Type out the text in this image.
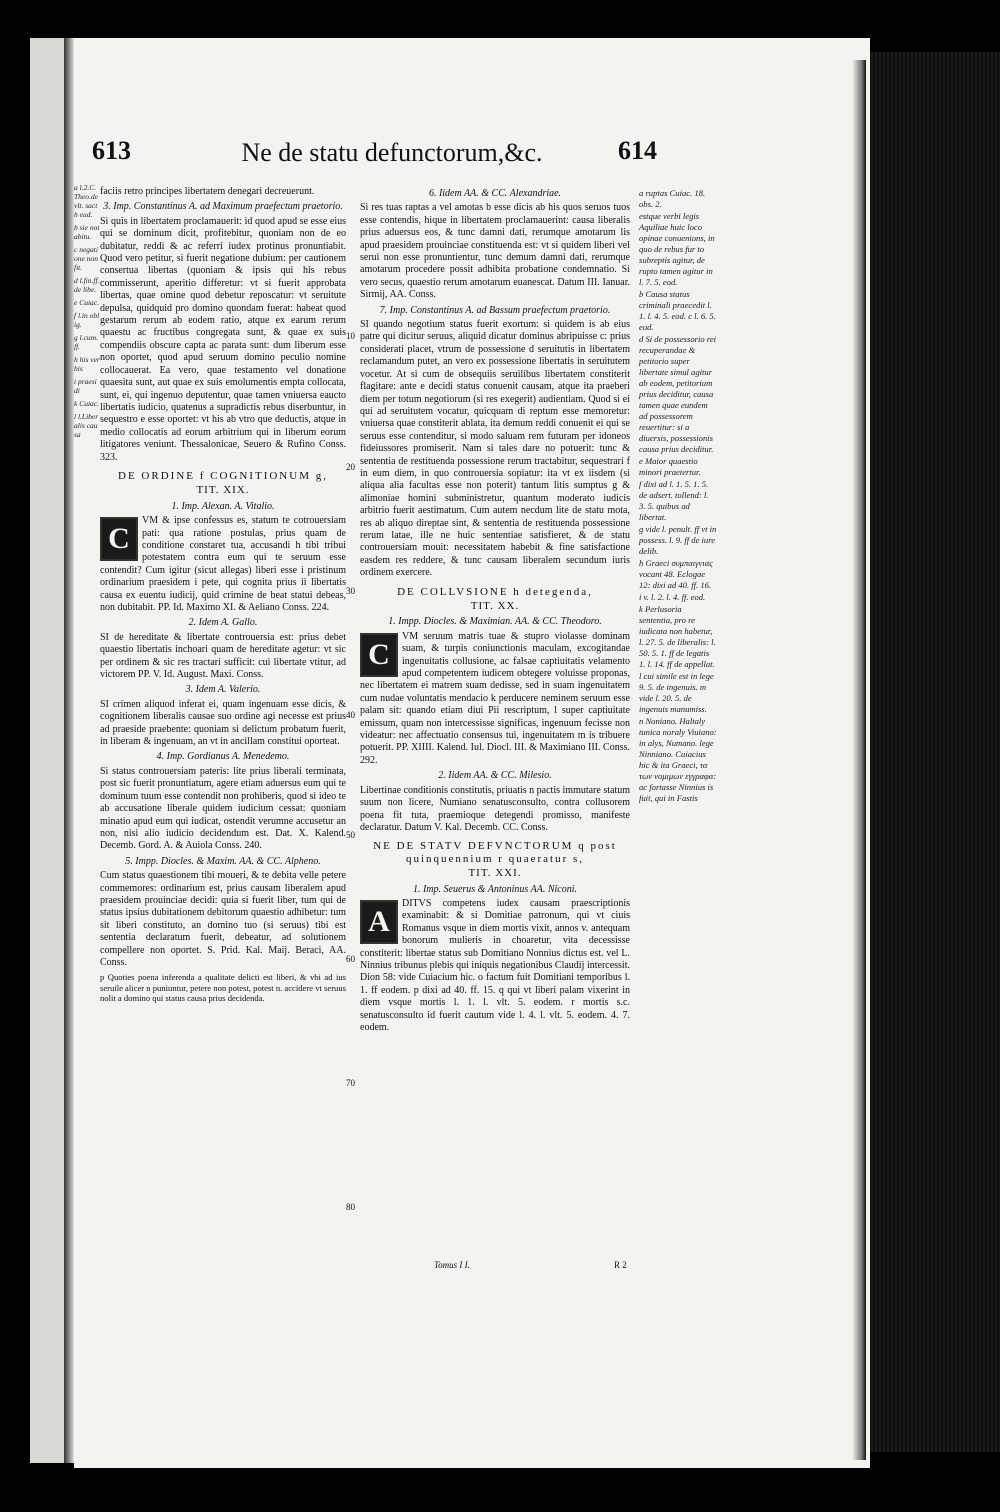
613	Ne de statu defunctorum,&c.	614

a l.2.C.Theo.de vlt. sacth eud.

b sie notabitu.

c negatione non fit.

d l.fin.ff.de libe.

e Cuiac.

f l.in oblig.

g l.cum.ff.

h his verbis

i praesidi

k Cuiac.

l l.Liberalis causa

faciis retro principes libertatem denegari decreuerunt.

3. Imp. Constantinus A. ad Maximum praefectum praetorio.

Si quis in libertatem proclamauerit: id quod apud se esse eius qui se dominum dicit, profitebitur, quoniam non de eo dubitatur, reddi & ac referri iudex protinus pronuntiabit. Quod vero petitur, si fuerit negatione dubium: per cautionem consertua libertas (quoniam & ipsis qui his rebus commisserunt, aperitio differetur: vt si fuerit approbata libertas, quae omine quod debetur reposcatur: vt seruitute depulsa, quidquid pro domino quondam fuerat: habeat quod gestarum rerum ab eodem ratio, atque ex earum rerum quaestu ac fructibus congregata sunt, & quae ex suis compendiis obscure capta ac parata sunt: dum liberum esse non oportet, quod apud seruum domino peculio nomine collocauerat. Ea vero, quae testamento vel donatione quaesita sunt, aut quae ex suis emolumentis empta collocata, sunt, ei, qui ingenuo deputentur, quae tamen vniuersa eaucto libertatis iudicio, quatenus a supradictis rebus diserbuntur, in sequestro e esse oportet: vt his ab vtro que deductis, atque in medio collocatis ad eorum arbitrium qui in liberum eorum litigatores veniunt. Thessalonicae, Seuero & Rufino Conss. 323.

DE ORDINE f COGNITIONUM g,

TIT. XIX.

1. Imp. Alexan. A. Vitalio.

C
VM & ipse confessus es, statum te cotrouersiam pati: qua ratione postulas, prius quam de conditione constaret tua, accusandi h tibi tribui potestatem contra eum qui te seruum esse contendit? Cum igitur (sicut allegas) liberi esse i pristinum ordinarium praesidem i pete, qui cognita prius ii libertatis causa ex euentu iudicij, quid crimine de beat statui debeas, non dubitabit. PP. Id. Maximo XI. & Aeliano Conss. 224.

2. Idem A. Gallo.

SI de hereditate & libertate controuersia est: prius debet quaestio libertatis inchoari quam de hereditate agetur: vt sic per ordinem & sic res tractari sufficit: cui libertate vtitur, ad victorem PP. V. Id. August. Maxi. Conss.

3. Idem A. Valerio.

SI crimen aliquod inferat ei, quam ingenuam esse dicis, & cognitionem liberalis causae suo ordine agi necesse est prius ad praeside praebente: quoniam si delictum probatum fuerit, in liberam & ingenuam, an vt in ancillam constitui oporteat.

4. Imp. Gordianus A. Menedemo.

Si status controuersiam pateris: lite prius liberali terminata, post sic fuerit pronuntiatum, agere etiam aduersus eum qui te dominum tuum esse contendit non prohiberis, quod si ideo te ab accusatione liberale quidem iudicium cessat: quoniam minatio apud eum qui iudicat, ostendit verumne accusetur an non, nisi alio iudicio decidendum est. Dat. X. Kalend. Decemb. Gord. A. & Auiola Conss. 240.

5. Impp. Diocles. & Maxim. AA. & CC. Alpheno.

Cum status quaestionem tibi moueri, & te debita velle petere commemores: ordinarium est, prius causam liberalem apud praesidem prouinciae decidi: quia si fuerit liber, tum qui de status ipsius dubitationem debitorum quaestio adhibetur: tum sit liberi constituto, an domino tuo (si seruus) tibi est sententia declaratum fuerit, debeatur, ad solutionem compellere non oportet. S. Prid. Kal. Maij. Beraci, AA. Conss.

p Quoties poena inferenda a qualitate delicti est liberi, & vbi ad ius seruile alicer n puniuntur, petere non potest, potest n. accidere vt seruus nolit a domino qui status causa prius decidenda.

10
20
30
40
50
60
70
80

6. Iidem AA. & CC. Alexandriae.

Si res tuas raptas a vel amotas b esse dicis ab his quos seruos tuos esse contendis, hique in libertatem proclamauerint: causa liberalis prius aduersus eos, & tunc damni dati, rerumque amotarum lis apud praesidem prouinciae constituenda est: vt si quidem liberi vel serui non esse pronuntientur, tunc demum damni dati, rerumque amotarum procedere possit adhibita probatione condemnatio. Si vero secus, quaestio rerum amotarum euanescat. Datum III. Ianuar. Sirmij, AA. Conss.

7. Imp. Constantinus A. ad Bassum praefectum praetorio.

SI quando negotium status fuerit exortum: si quidem is ab eius patre qui dicitur seruus, aliquid dicatur dominus abripuisse c: prius considerati placet, vtrum de possessione d seruitutis in libertatem reclamandum putet, an vero ex possessione libertatis in seruitutem vocetur. At si cum de obsequiis seruilibus libertatem constiterit flagitare: ante e decidi status conuenit causam, atque ita praeberi diem per totum negotiorum (si res exegerit) audientiam. Quod si ei qui ad seruitutem vocatur, quicquam di reptum esse memoretur: vniuersa quae constiterit ablata, ita demum reddi conuenit ei qui se seruus esse contenditur, si modo saluam rem futuram per idoneos fideiussores promiserit. Nam si tales dare no potuerit: tunc & sententia de restituenda possessione rerum tractabitur, sequestrari f in eum diem, in quo controuersia sopiatur: ita vt ex iisdem (si aliqua alia facultas esse non poterit) tantum litis sumptus g & alimoniae homini subministretur, quantum moderato iudicis arbitrio fuerit aestimatum. Cum autem necdum lite de statu mota, res ab aliquo direptae sint, & sententia de restituenda possessione rerum latae, ille ne huic sententiae satisfieret, & de statu controuersiam mouit: necessitatem habebit & fine satisfactione easdem res reddere, & tunc causam liberalem secundum iuris ordinem exercere.

DE COLLVSIONE h detegenda,

TIT. XX.

1. Impp. Diocles. & Maximian. AA. & CC. Theodoro.

C
VM seruum matris tuae & stupro violasse dominam suam, & turpis coniunctionis maculam, excogitandae ingenuitatis collusione, ac falsae captiuitatis velamento apud competentem iudicem obtegere voluisse proponas, nec libertatem ei matrem suam dedisse, sed in suam ingenuitatem cum nudae voluntatis mendacio k perducere neminem seruum esse palam sit: quando etiam diui Pii rescriptum, l super captiuitate emissum, quam non intercessisse significas, ingenuum fecisse non videatur: nec affectuatio consensus tui, ingenuitatem m is tribuere potuerit. PP. XIIII. Kalend. Iul. Diocl. III. & Maximiano III. Conss. 292.

2. Iidem AA. & CC. Milesio.

Libertinae conditionis constitutis, priuatis n pactis immutare statum suum non licere, Numiano senatusconsulto, contra collusorem poena fit tuta, praemioque detegendi promisso, manifeste declaratur. Datum V. Kal. Decemb. CC. Conss.

NE DE STATV DEFVNCTORUM q post quinquennium r quaeratur s,

TIT. XXI.

1. Imp. Seuerus & Antoninus AA. Niconi.

A
DITVS competens iudex causam praescriptionis examinabit: & si Domitiae patronum, qui vt ciuis Romanus vsque in diem mortis vixit, annos v. antequam bonorum mulieris in choaretur, vita decessisse constiterit: libertae status sub Domitiano Nonnius dictus est. vel L. Ninnius tribunus plebis qui iniquis negationibus Claudij intercessit. Dion 58: vide Cuiacium hic. o factum fuit Domitiani temporibus l. 1. ff eodem. p dixi ad 40. ff. 15. q qui vt liberi palam vixerint in diem vsque mortis l. 1. l. vlt. 5. eodem. r mortis s.c. senatusconsulto id fuerit cautum vide l. 4. l. vlt. 5. eodem. 4. 7. eodem.

a ruptas Cuiac. 18. obs. 2.

estque verbi legis Aquiliae huic loco opinae conuenions, in quo de rebus fur to subreptis agitur, de rupto tamen agitur in l. 7. 5. eod.

b Causa status criminali praecedit l. 1. l. 4. 5. eod. c l. 6. 5. eod.

d Si de possessorio rei recuperandae & petitorio super libertate simul agitur ab eodem, petitorium prius deciditur, causa tamen quae eundem ad possessorem reuertitur: si a diuersis, possessionis causa prius deciditur.

e Maior quaestio minori praetertur.

f dixi ad l. 1. 5. 1. 5. de adsert. tollend: l. 3. 5. quibus ad libertat.

g vide l. penult. ff vt in possess. l. 9. ff de iure delib.

h Graeci συμπαιγνιας vocant 48. Eclogae 12: dixi ad 40. ff. 16.

i v. l. 2. l. 4. ff. eod.

k Perlusoria sententia, pro re iudicata non habetur, l. 27. 5. de liberalis: l. 50. 5. 1. ff de legatis 1. l. 14. ff de appellat.

l cui simile est in lege 9. 5. de ingenuis. m vide l. 20. 5. de ingenuis manumiss.

n Noniano. Haltaly tunica noraly Viuiano: in alys, Numano. lege Ninniano. Cuiacius hic & ita Graeci, τα των νομιμων εγγραφα: ac fortasse Ninnius is fuit, qui in Fastis

Tomus I I.	R 2
